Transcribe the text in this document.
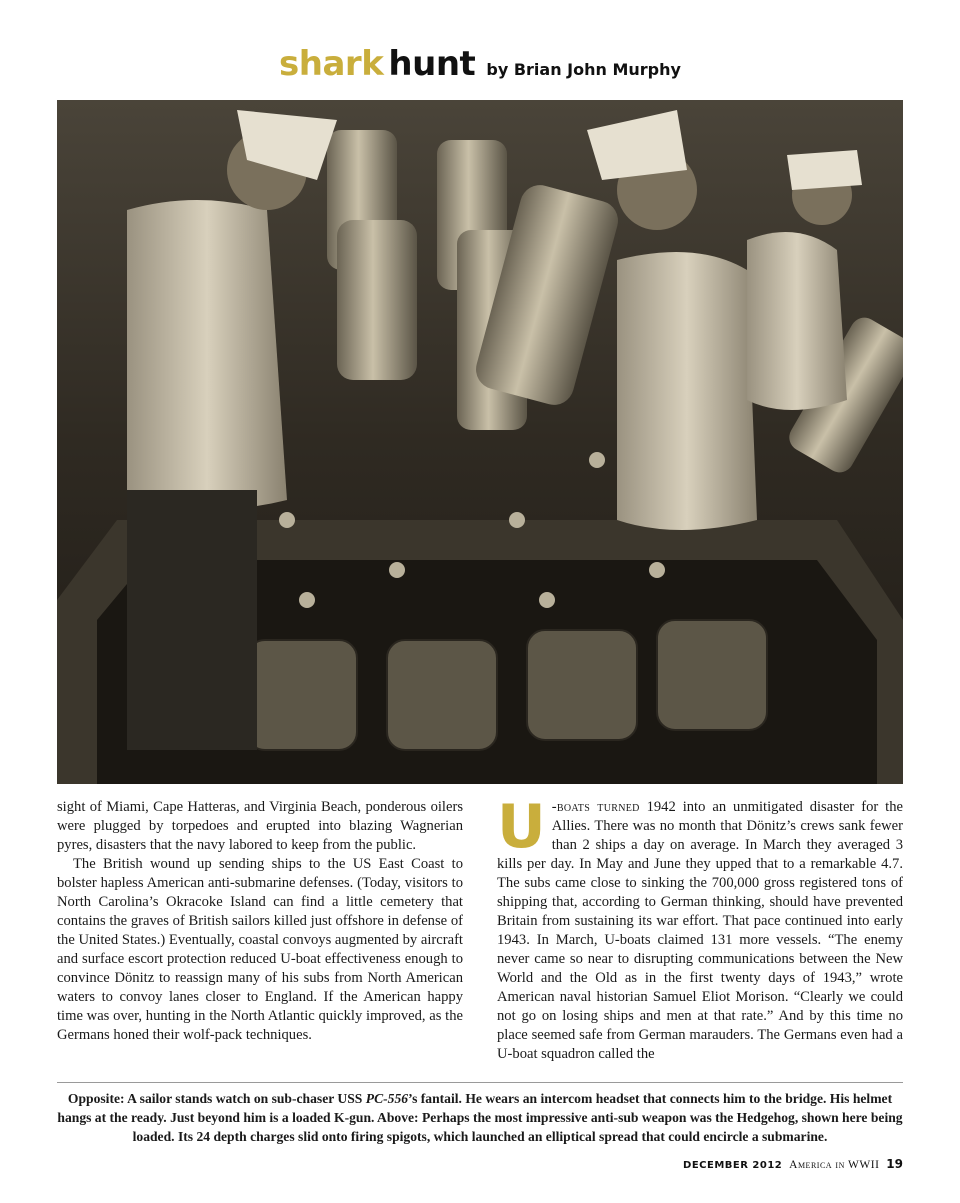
shark hunt by Brian John Murphy

sight of Miami, Cape Hatteras, and Virginia Beach, ponderous oilers were plugged by torpedoes and erupted into blazing Wagnerian pyres, disasters that the navy labored to keep from the public.

The British wound up sending ships to the US East Coast to bolster hapless American anti-submarine defenses. (Today, visitors to North Carolina’s Okracoke Island can find a little cemetery that contains the graves of British sailors killed just offshore in defense of the United States.) Eventually, coastal convoys augmented by aircraft and surface escort protection reduced U-boat effectiveness enough to convince Dönitz to reassign many of his subs from North American waters to convoy lanes closer to England. If the American happy time was over, hunting in the North Atlantic quickly improved, as the Germans honed their wolf-pack techniques.

U -boats turned 1942 into an unmitigated disaster for the Allies. There was no month that Dönitz’s crews sank fewer than 2 ships a day on average. In March they averaged 3 kills per day. In May and June they upped that to a remarkable 4.7. The subs came close to sinking the 700,000 gross registered tons of shipping that, according to German thinking, should have prevented Britain from sustaining its war effort. That pace continued into early 1943. In March, U-boats claimed 131 more vessels. “The enemy never came so near to disrupting communications between the New World and the Old as in the first twenty days of 1943,” wrote American naval historian Samuel Eliot Morison. “Clearly we could not go on losing ships and men at that rate.” And by this time no place seemed safe from German marauders. The Germans even had a U-boat squadron called the

Opposite: A sailor stands watch on sub-chaser USS PC-556’s fantail. He wears an intercom headset that connects him to the bridge. His helmet hangs at the ready. Just beyond him is a loaded K-gun. Above: Perhaps the most impressive anti-sub weapon was the Hedgehog, shown here being loaded. Its 24 depth charges slid onto firing spigots, which launched an elliptical spread that could encircle a submarine.
DECEMBER 2012 America in WWII 19
